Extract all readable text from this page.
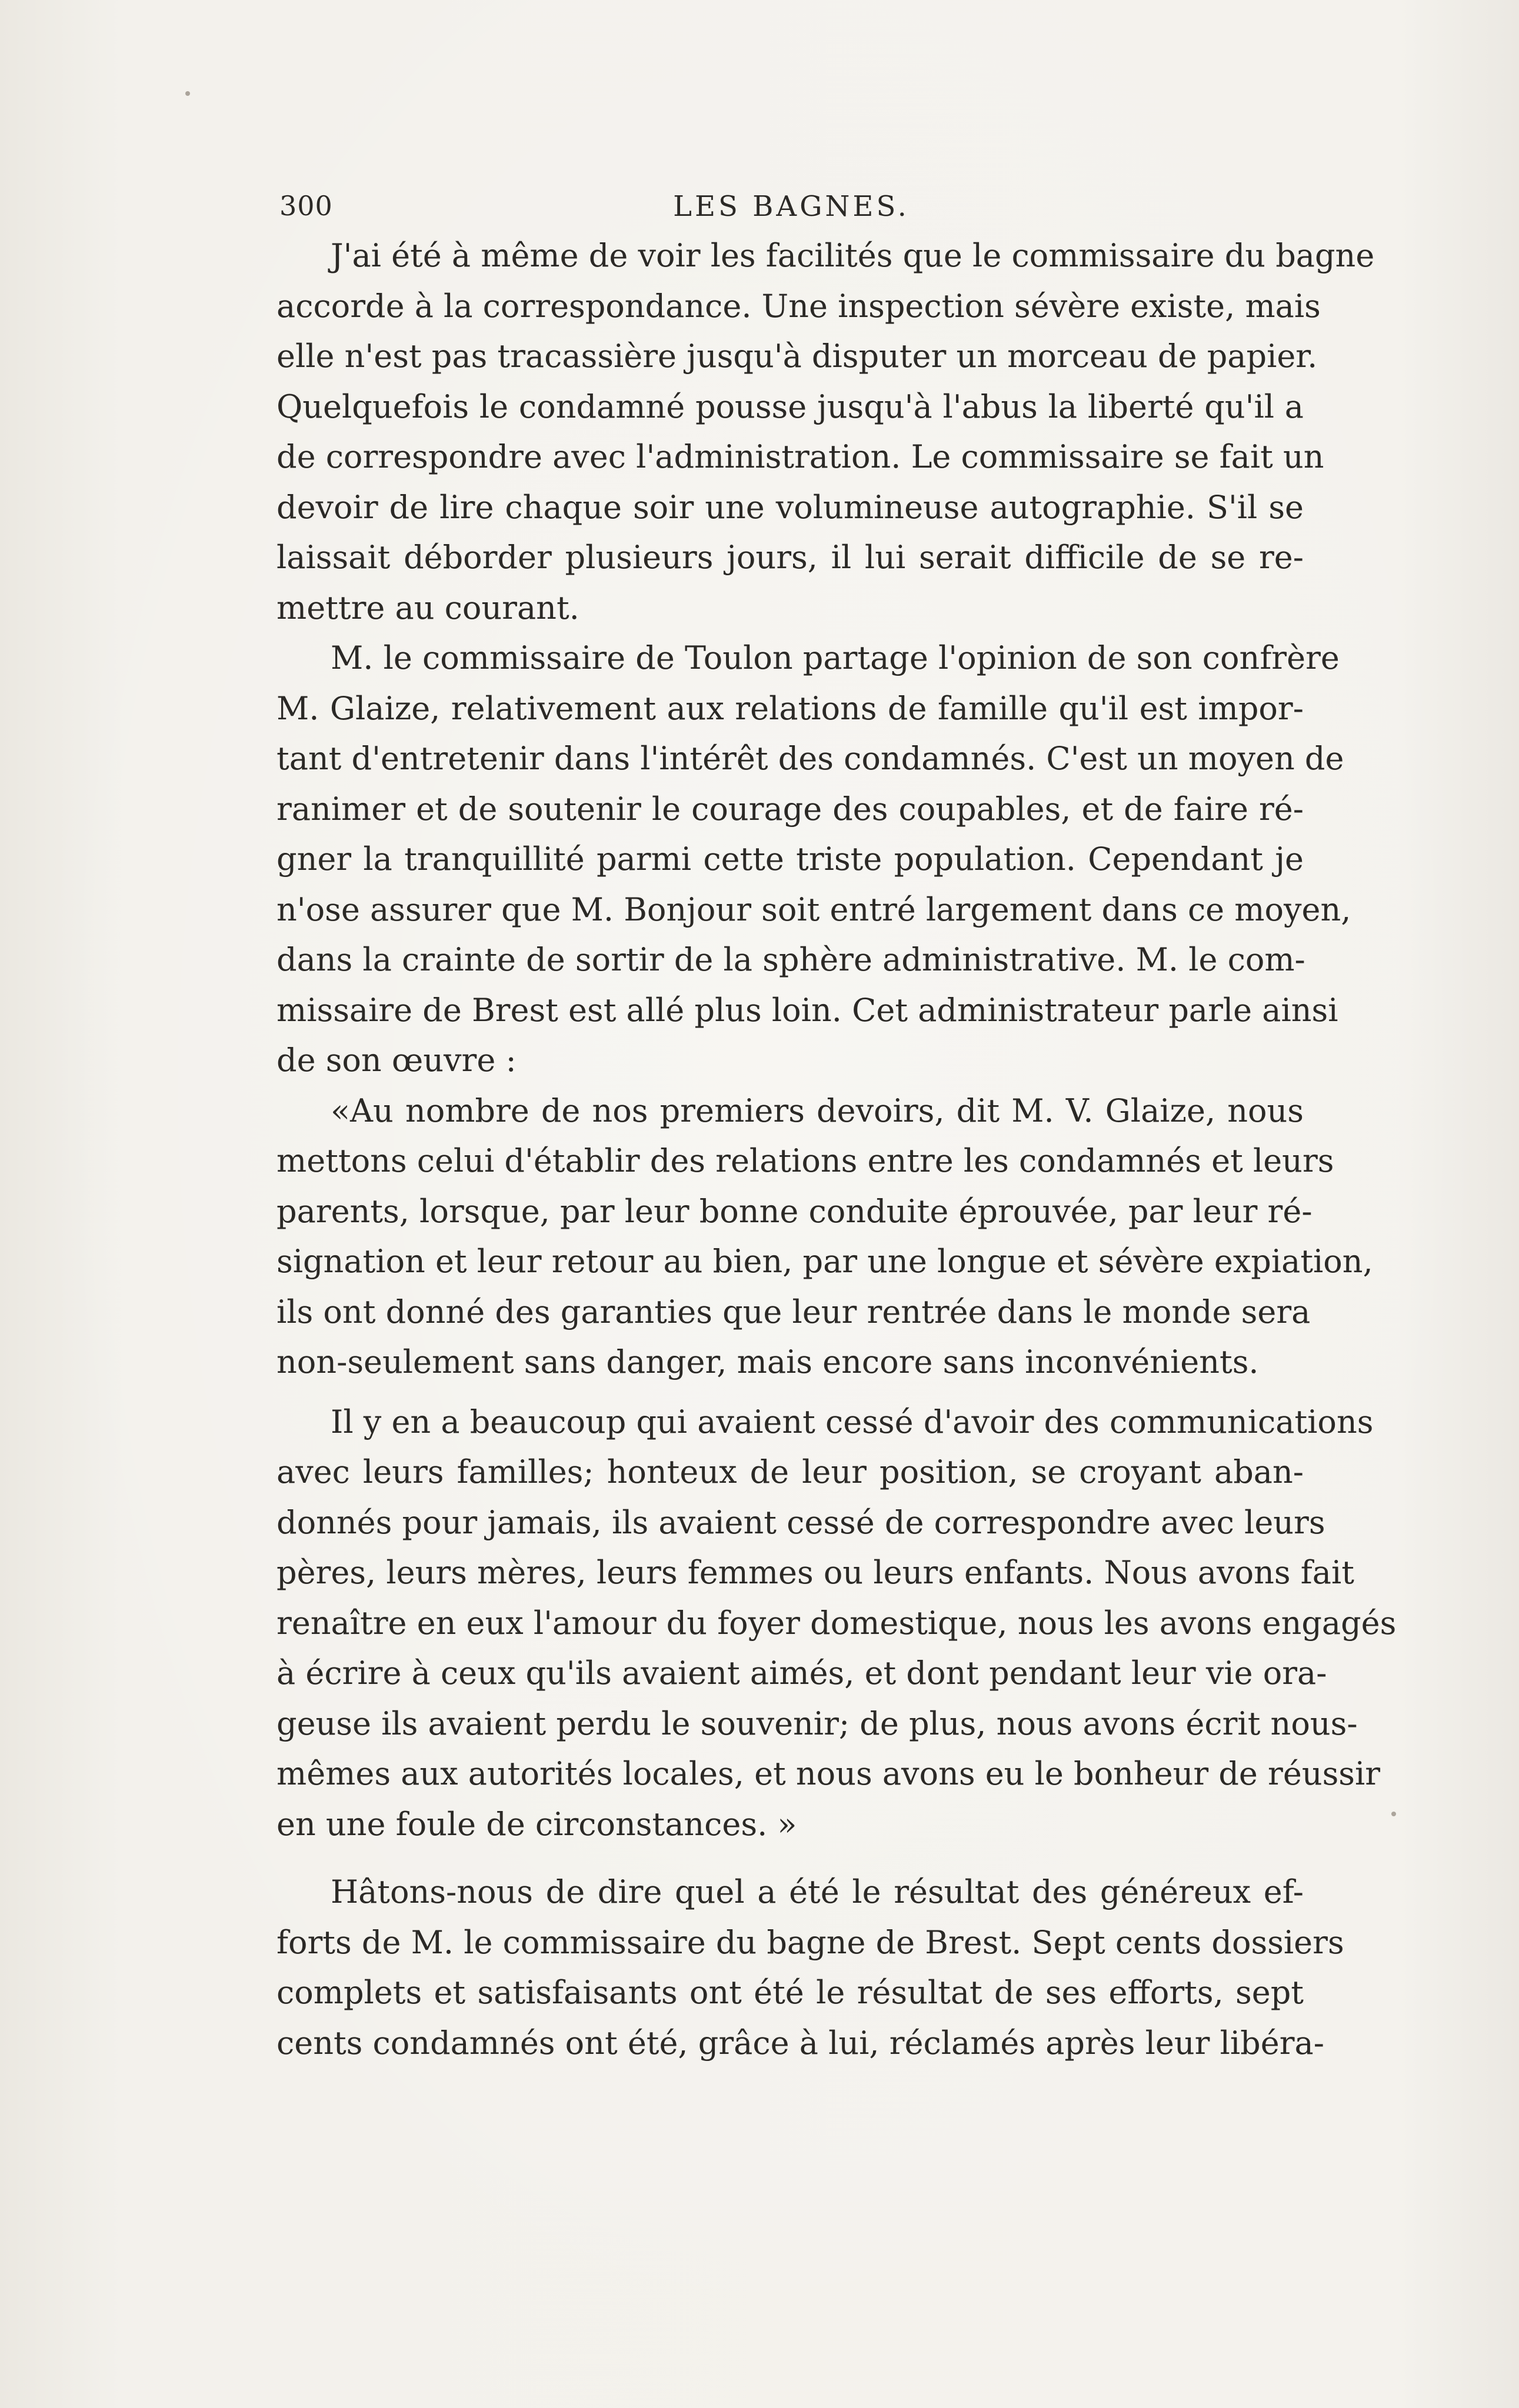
300	LES BAGNES.
J'ai été à même de voir les facilités que le commissaire du bagne
accorde à la correspondance. Une inspection sévère existe, mais
elle n'est pas tracassière jusqu'à disputer un morceau de papier.
Quelquefois le condamné pousse jusqu'à l'abus la liberté qu'il a
de correspondre avec l'administration. Le commissaire se fait un
devoir de lire chaque soir une volumineuse autographie. S'il se
laissait déborder plusieurs jours, il lui serait difficile de se re-
mettre au courant.
M. le commissaire de Toulon partage l'opinion de son confrère
M. Glaize, relativement aux relations de famille qu'il est impor-
tant d'entretenir dans l'intérêt des condamnés. C'est un moyen de
ranimer et de soutenir le courage des coupables, et de faire ré-
gner la tranquillité parmi cette triste population. Cependant je
n'ose assurer que M. Bonjour soit entré largement dans ce moyen,
dans la crainte de sortir de la sphère administrative. M. le com-
missaire de Brest est allé plus loin. Cet administrateur parle ainsi
de son œuvre :
«Au nombre de nos premiers devoirs, dit M. V. Glaize, nous
mettons celui d'établir des relations entre les condamnés et leurs
parents, lorsque, par leur bonne conduite éprouvée, par leur ré-
signation et leur retour au bien, par une longue et sévère expiation,
ils ont donné des garanties que leur rentrée dans le monde sera
non-seulement sans danger, mais encore sans inconvénients.
Il y en a beaucoup qui avaient cessé d'avoir des communications
avec leurs familles; honteux de leur position, se croyant aban-
donnés pour jamais, ils avaient cessé de correspondre avec leurs
pères, leurs mères, leurs femmes ou leurs enfants. Nous avons fait
renaître en eux l'amour du foyer domestique, nous les avons engagés
à écrire à ceux qu'ils avaient aimés, et dont pendant leur vie ora-
geuse ils avaient perdu le souvenir; de plus, nous avons écrit nous-
mêmes aux autorités locales, et nous avons eu le bonheur de réussir
en une foule de circonstances. »
Hâtons-nous de dire quel a été le résultat des généreux ef-
forts de M. le commissaire du bagne de Brest. Sept cents dossiers
complets et satisfaisants ont été le résultat de ses efforts, sept
cents condamnés ont été, grâce à lui, réclamés après leur libéra-
